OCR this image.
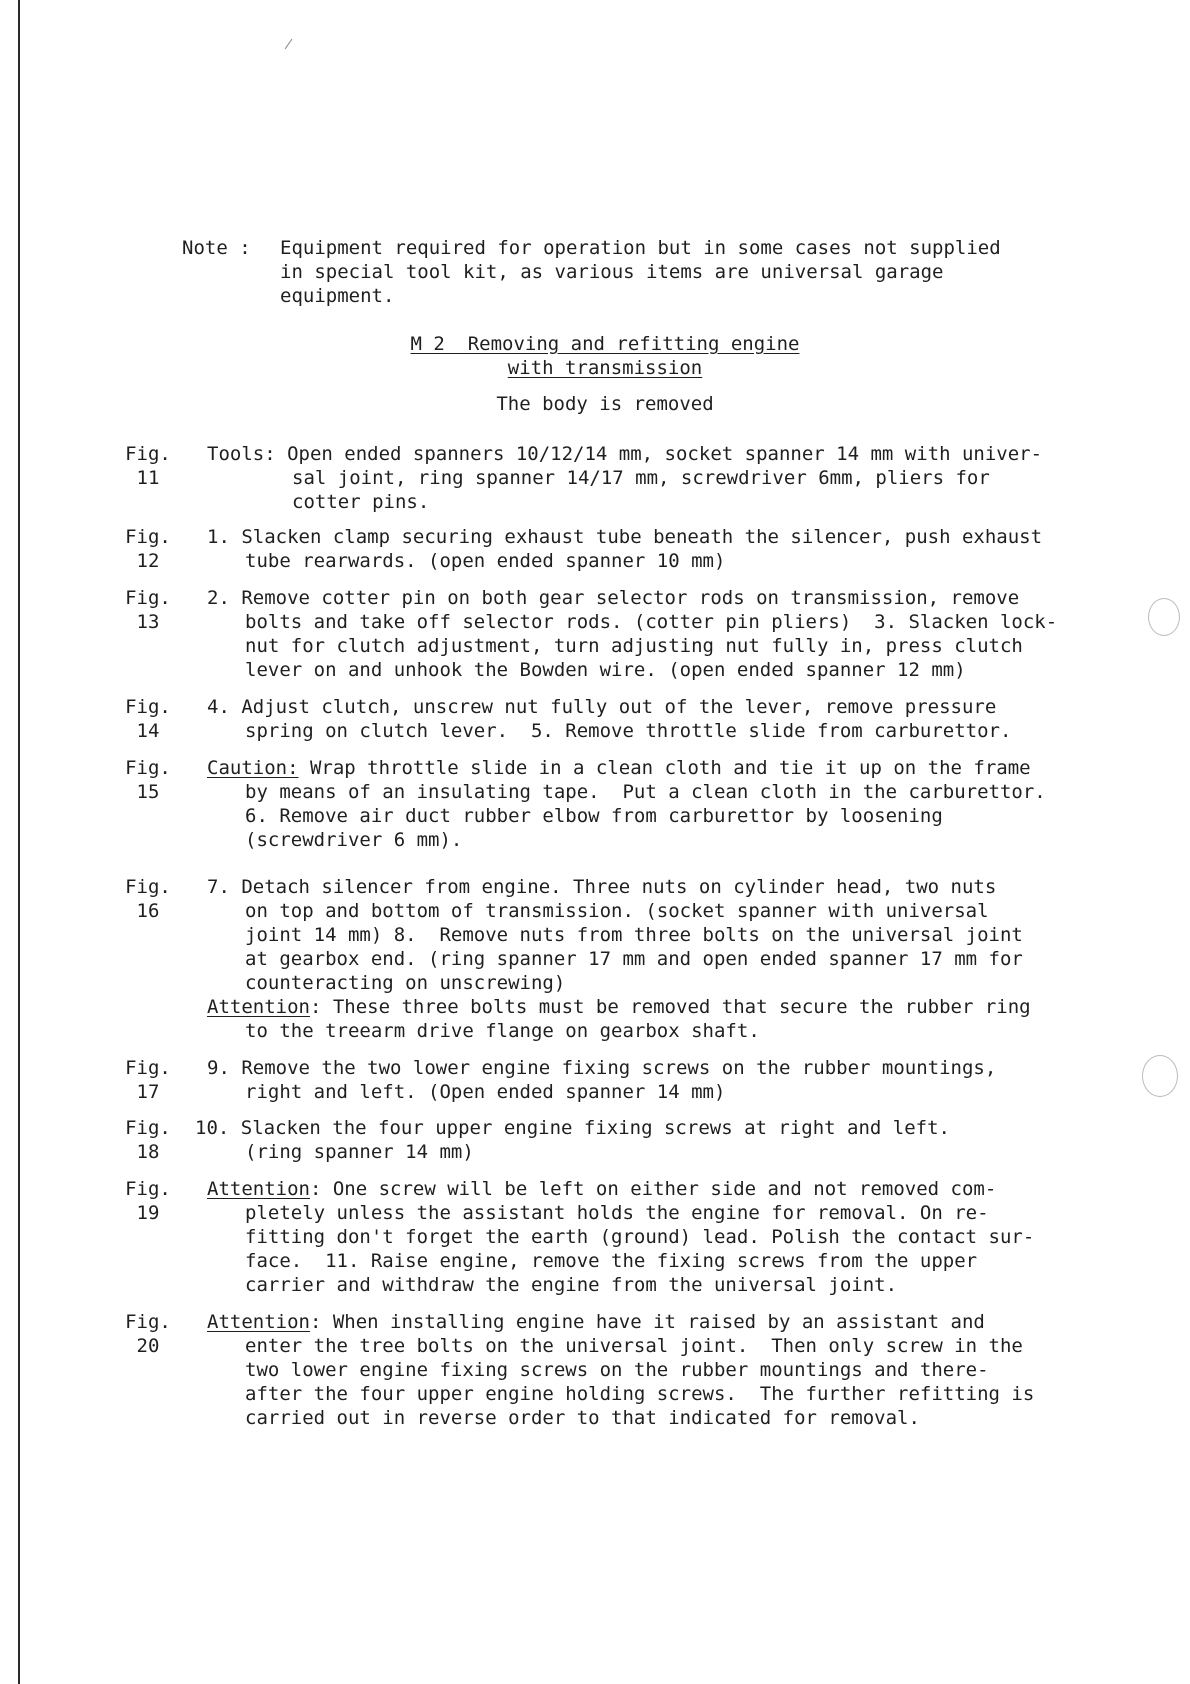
Note : Equipment required for operation but in some cases not supplied
in special tool kit, as various items are universal garage
equipment.
M 2  Removing and refitting engine
with transmission
The body is removed
Fig.
11
Fig.
12
Fig.
13
Fig.
14
Fig.
15
Fig.
16
Fig.
17
Fig.
18
Fig.
19
Fig.
20
Tools: Open ended spanners 10/12/14 mm, socket spanner 14 mm with univer-
sal joint, ring spanner 14/17 mm, screwdriver 6mm, pliers for
cotter pins.
1. Slacken clamp securing exhaust tube beneath the silencer, push exhaust
tube rearwards. (open ended spanner 10 mm)
2. Remove cotter pin on both gear selector rods on transmission, remove
bolts and take off selector rods. (cotter pin pliers)  3. Slacken lock-
nut for clutch adjustment, turn adjusting nut fully in, press clutch
lever on and unhook the Bowden wire. (open ended spanner 12 mm)
4. Adjust clutch, unscrew nut fully out of the lever, remove pressure
spring on clutch lever.  5. Remove throttle slide from carburettor.
Caution: Wrap throttle slide in a clean cloth and tie it up on the frame
by means of an insulating tape.  Put a clean cloth in the carburettor.
6. Remove air duct rubber elbow from carburettor by loosening
(screwdriver 6 mm).
7. Detach silencer from engine. Three nuts on cylinder head, two nuts
on top and bottom of transmission. (socket spanner with universal
joint 14 mm) 8.  Remove nuts from three bolts on the universal joint
at gearbox end. (ring spanner 17 mm and open ended spanner 17 mm for
counteracting on unscrewing)
Attention: These three bolts must be removed that secure the rubber ring
to the treearm drive flange on gearbox shaft.
9. Remove the two lower engine fixing screws on the rubber mountings,
right and left. (Open ended spanner 14 mm)
10. Slacken the four upper engine fixing screws at right and left.
(ring spanner 14 mm)
Attention: One screw will be left on either side and not removed com-
pletely unless the assistant holds the engine for removal. On re-
fitting don't forget the earth (ground) lead. Polish the contact sur-
face.  11. Raise engine, remove the fixing screws from the upper
carrier and withdraw the engine from the universal joint.
Attention: When installing engine have it raised by an assistant and
enter the tree bolts on the universal joint.  Then only screw in the
two lower engine fixing screws on the rubber mountings and there-
after the four upper engine holding screws.  The further refitting is
carried out in reverse order to that indicated for removal.
